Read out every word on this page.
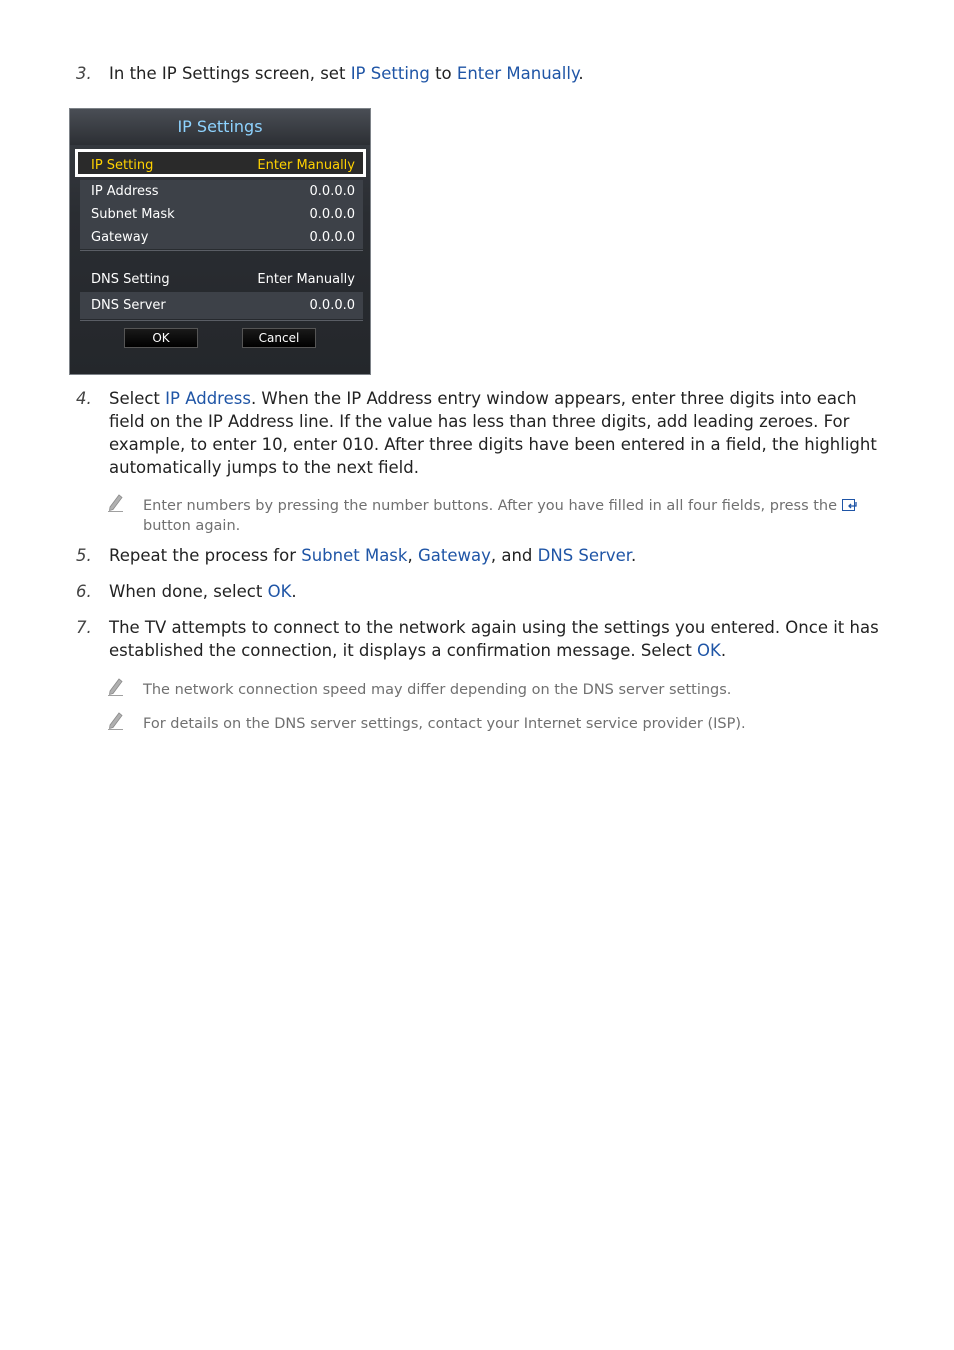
3. In the IP Settings screen, set IP Setting to Enter Manually.
IP Settings
IP Setting	Enter Manually
IP Address	0.0.0.0
Subnet Mask	0.0.0.0
Gateway	0.0.0.0
DNS Setting	Enter Manually
DNS Server	0.0.0.0
OK	Cancel
4. Select IP Address. When the IP Address entry window appears, enter three digits into each field on the IP Address line. If the value has less than three digits, add leading zeroes. For example, to enter 10, enter 010. After three digits have been entered in a field, the highlight automatically jumps to the next field.
Enter numbers by pressing the number buttons. After you have filled in all four fields, press the  button again.
5. Repeat the process for Subnet Mask, Gateway, and DNS Server.
6. When done, select OK.
7. The TV attempts to connect to the network again using the settings you entered. Once it has established the connection, it displays a confirmation message. Select OK.
The network connection speed may differ depending on the DNS server settings.
For details on the DNS server settings, contact your Internet service provider (ISP).
